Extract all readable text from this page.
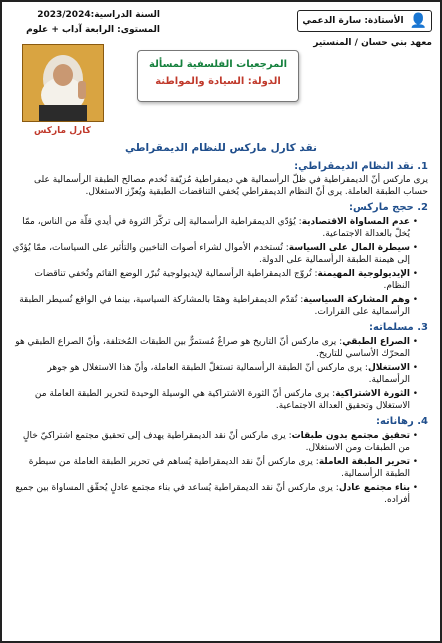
السنة الدراسية:2023/2024
المستوى: الرابعة آداب + علوم
👤
الأستاذة: سارة الدعمي
معهد بني حسان / المنستير
كارل ماركس
المرجعيات الفلسفية لمسألة
الدولة: السيادة والمواطنة
نقد كارل ماركس للنظام الديمقراطي
1. نقد النظام الديمقراطي:
يرى ماركس أنّ الديمقراطية في ظلّ الرأسمالية هي ديمقراطية مُزيّفة تُخدم مصالح الطبقة الرأسمالية على حساب الطبقة العاملة. يرى أنّ النظام الديمقراطي يُخفي التناقضات الطبقية ويُعزّز الاستغلال.
2. حجج ماركس:
• عدم المساواة الاقتصادية: يُؤدّي الديمقراطية الرأسمالية إلى تركّز الثروة في أيدي قلّة من الناس، ممّا يُخلّ بالعدالة الاجتماعية.
• سيطرة المال على السياسة: تُستخدم الأموال لشراء أصوات الناخبين والتأثير على السياسات، ممّا يُؤدّي إلى هيمنة الطبقة الرأسمالية على الدولة.
• الإيديولوجية المهيمنة: تُروّج الديمقراطية الرأسمالية لإيديولوجية تُبرّر الوضع القائم وتُخفي تناقضات النظام.
• وهم المشاركة السياسية: تُقدّم الديمقراطية وهمًا بالمشاركة السياسية، بينما في الواقع تُسيطر الطبقة الرأسمالية على القرارات.
3. مسلماته:
• الصراع الطبقي: يرى ماركس أنّ التاريخ هو صراعٌ مُستمرٌّ بين الطبقات المُختلفة، وأنّ الصراع الطبقي هو المحرّك الأساسي للتاريخ.
• الاستغلال: يرى ماركس أنّ الطبقة الرأسمالية تستغلّ الطبقة العاملة، وأنّ هذا الاستغلال هو جوهر الرأسمالية.
• الثورة الاشتراكية: يرى ماركس أنّ الثورة الاشتراكية هي الوسيلة الوحيدة لتحرير الطبقة العاملة من الاستغلال وتحقيق العدالة الاجتماعية.
4. رهاناته:
• تحقيق مجتمع بدون طبقات: يرى ماركس أنّ نقد الديمقراطية يهدف إلى تحقيق مجتمع اشتراكيّ خالٍ من الطبقات ومن الاستغلال.
• تحرير الطبقة العاملة: يرى ماركس أنّ نقد الديمقراطية يُساهم في تحرير الطبقة العاملة من سيطرة الطبقة الرأسمالية.
• بناء مجتمع عادل: يرى ماركس أنّ نقد الديمقراطية يُساعد في بناء مجتمع عادلٍ يُحقّق المساواة بين جميع أفراده.
